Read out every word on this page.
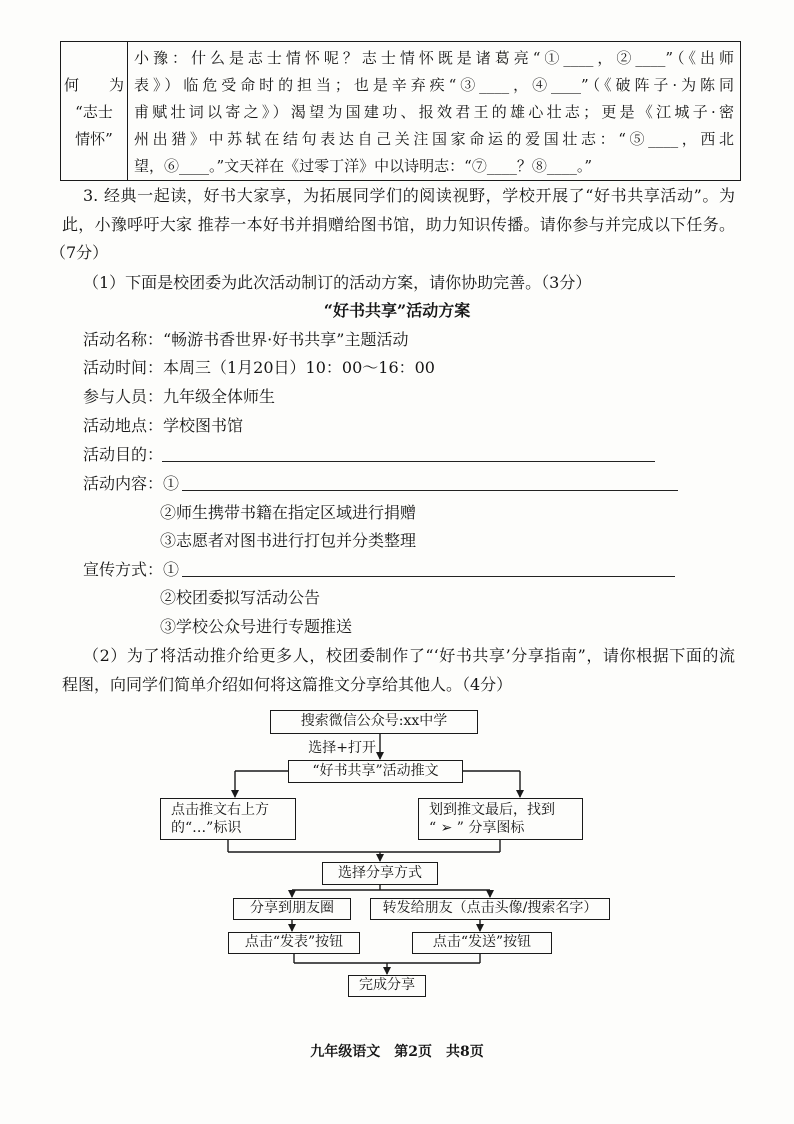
何　　为
“志士
情怀”
小豫：什么是志士情怀呢？志士情怀既是诸葛亮“①____，②____”（《出师
表》）临危受命时的担当；也是辛弃疾“③____，④____”（《破阵子·为陈同
甫赋壮词以寄之》）渴望为国建功、报效君王的雄心壮志；更是《江城子·密
州出猎》中苏轼在结句表达自己关注国家命运的爱国壮志：“⑤____，西北
望，⑥____。”文天祥在《过零丁洋》中以诗明志：“⑦____？⑧____。”
3. 经典一起读，好书大家享，为拓展同学们的阅读视野，学校开展了“好书共享活动”。为
此，小豫呼吁大家 推荐一本好书并捐赠给图书馆，助力知识传播。请你参与并完成以下任务。
（7分）
（1）下面是校团委为此次活动制订的活动方案，请你协助完善。（3分）
“好书共享”活动方案
活动名称：“畅游书香世界·好书共享”主题活动
活动时间：本周三（1月20日）10：00～16：00
参与人员：九年级全体师生
活动地点：学校图书馆
活动目的：
活动内容：①
②师生携带书籍在指定区域进行捐赠
③志愿者对图书进行打包并分类整理
宣传方式：①
②校团委拟写活动公告
③学校公众号进行专题推送
（2）为了将活动推介给更多人，校团委制作了“‘好书共享’分享指南”，请你根据下面的流
程图，向同学们简单介绍如何将这篇推文分享给其他人。（4分）
搜索微信公众号:xx中学
选择+打开
“好书共享”活动推文
点击推文右上方
的“…”标识
划到推文最后，找到
“ ➢ ” 分享图标
选择分享方式
分享到朋友圈	转发给朋友（点击头像/搜索名字）
点击“发表”按钮	点击“发送”按钮
完成分享
九年级语文　第2页　共8页
